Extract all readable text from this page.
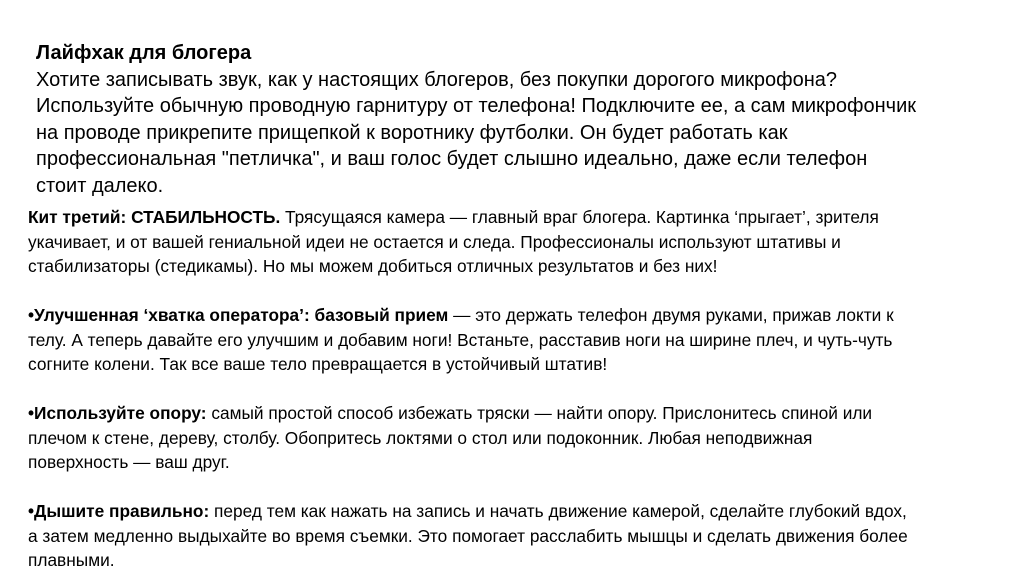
Лайфхак для блогера
Хотите записывать звук, как у настоящих блогеров, без покупки дорогого микрофона?
Используйте обычную проводную гарнитуру от телефона! Подключите ее, а сам микрофончик
на проводе прикрепите прищепкой к воротнику футболки. Он будет работать как
профессиональная "петличка", и ваш голос будет слышно идеально, даже если телефон
стоит далеко.
Кит третий: СТАБИЛЬНОСТЬ. Трясущаяся камера — главный враг блогера. Картинка ‘прыгает’, зрителя
укачивает, и от вашей гениальной идеи не остается и следа. Профессионалы используют штативы и
стабилизаторы (стедикамы). Но мы можем добиться отличных результатов и без них!
•Улучшенная ‘хватка оператора’: базовый прием — это держать телефон двумя руками, прижав локти к
телу. А теперь давайте его улучшим и добавим ноги! Встаньте, расставив ноги на ширине плеч, и чуть-чуть
согните колени. Так все ваше тело превращается в устойчивый штатив!
•Используйте опору: самый простой способ избежать тряски — найти опору. Прислонитесь спиной или
плечом к стене, дереву, столбу. Обопритесь локтями о стол или подоконник. Любая неподвижная
поверхность — ваш друг.
•Дышите правильно: перед тем как нажать на запись и начать движение камерой, сделайте глубокий вдох,
а затем медленно выдыхайте во время съемки. Это помогает расслабить мышцы и сделать движения более
плавными.
